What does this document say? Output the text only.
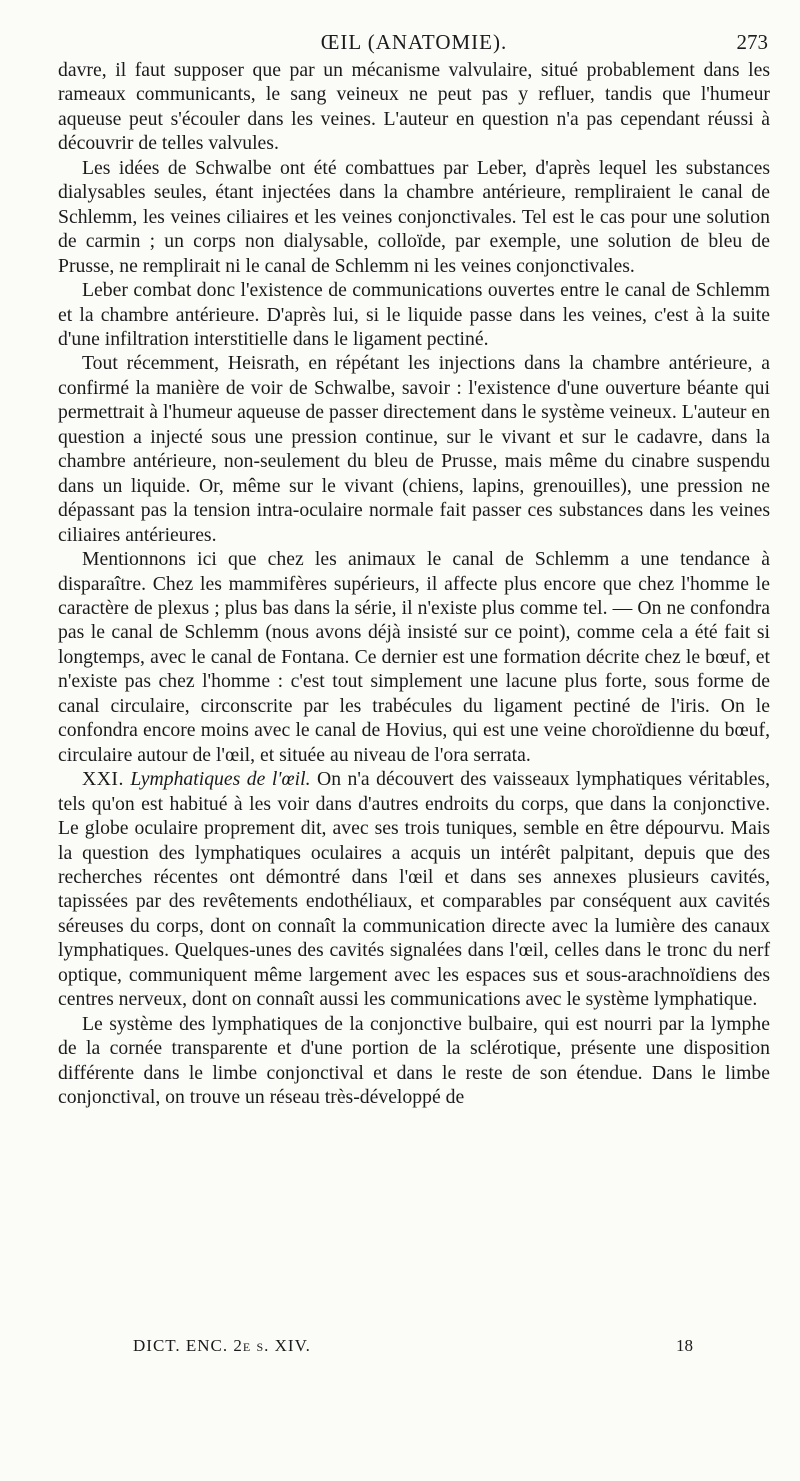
ŒIL (ANATOMIE).	273

davre, il faut supposer que par un mécanisme valvulaire, situé probablement dans les rameaux communicants, le sang veineux ne peut pas y refluer, tandis que l'humeur aqueuse peut s'écouler dans les veines. L'auteur en question n'a pas cependant réussi à découvrir de telles valvules.

Les idées de Schwalbe ont été combattues par Leber, d'après lequel les substances dialysables seules, étant injectées dans la chambre antérieure, rempliraient le canal de Schlemm, les veines ciliaires et les veines conjonctivales. Tel est le cas pour une solution de carmin ; un corps non dialysable, colloïde, par exemple, une solution de bleu de Prusse, ne remplirait ni le canal de Schlemm ni les veines conjonctivales.

Leber combat donc l'existence de communications ouvertes entre le canal de Schlemm et la chambre antérieure. D'après lui, si le liquide passe dans les veines, c'est à la suite d'une infiltration interstitielle dans le ligament pectiné.

Tout récemment, Heisrath, en répétant les injections dans la chambre antérieure, a confirmé la manière de voir de Schwalbe, savoir : l'existence d'une ouverture béante qui permettrait à l'humeur aqueuse de passer directement dans le système veineux. L'auteur en question a injecté sous une pression continue, sur le vivant et sur le cadavre, dans la chambre antérieure, non-seulement du bleu de Prusse, mais même du cinabre suspendu dans un liquide. Or, même sur le vivant (chiens, lapins, grenouilles), une pression ne dépassant pas la tension intra-oculaire normale fait passer ces substances dans les veines ciliaires antérieures.

Mentionnons ici que chez les animaux le canal de Schlemm a une tendance à disparaître. Chez les mammifères supérieurs, il affecte plus encore que chez l'homme le caractère de plexus ; plus bas dans la série, il n'existe plus comme tel. — On ne confondra pas le canal de Schlemm (nous avons déjà insisté sur ce point), comme cela a été fait si longtemps, avec le canal de Fontana. Ce dernier est une formation décrite chez le bœuf, et n'existe pas chez l'homme : c'est tout simplement une lacune plus forte, sous forme de canal circulaire, circonscrite par les trabécules du ligament pectiné de l'iris. On le confondra encore moins avec le canal de Hovius, qui est une veine choroïdienne du bœuf, circulaire autour de l'œil, et située au niveau de l'ora serrata.

XXI. Lymphatiques de l'œil. On n'a découvert des vaisseaux lymphatiques véritables, tels qu'on est habitué à les voir dans d'autres endroits du corps, que dans la conjonctive. Le globe oculaire proprement dit, avec ses trois tuniques, semble en être dépourvu. Mais la question des lymphatiques oculaires a acquis un intérêt palpitant, depuis que des recherches récentes ont démontré dans l'œil et dans ses annexes plusieurs cavités, tapissées par des revêtements endothéliaux, et comparables par conséquent aux cavités séreuses du corps, dont on connaît la communication directe avec la lumière des canaux lymphatiques. Quelques-unes des cavités signalées dans l'œil, celles dans le tronc du nerf optique, communiquent même largement avec les espaces sus et sous-arachnoïdiens des centres nerveux, dont on connaît aussi les communications avec le système lymphatique.

Le système des lymphatiques de la conjonctive bulbaire, qui est nourri par la lymphe de la cornée transparente et d'une portion de la sclérotique, présente une disposition différente dans le limbe conjonctival et dans le reste de son étendue. Dans le limbe conjonctival, on trouve un réseau très-développé de

DICT. ENC. 2e s. XIV.	18
